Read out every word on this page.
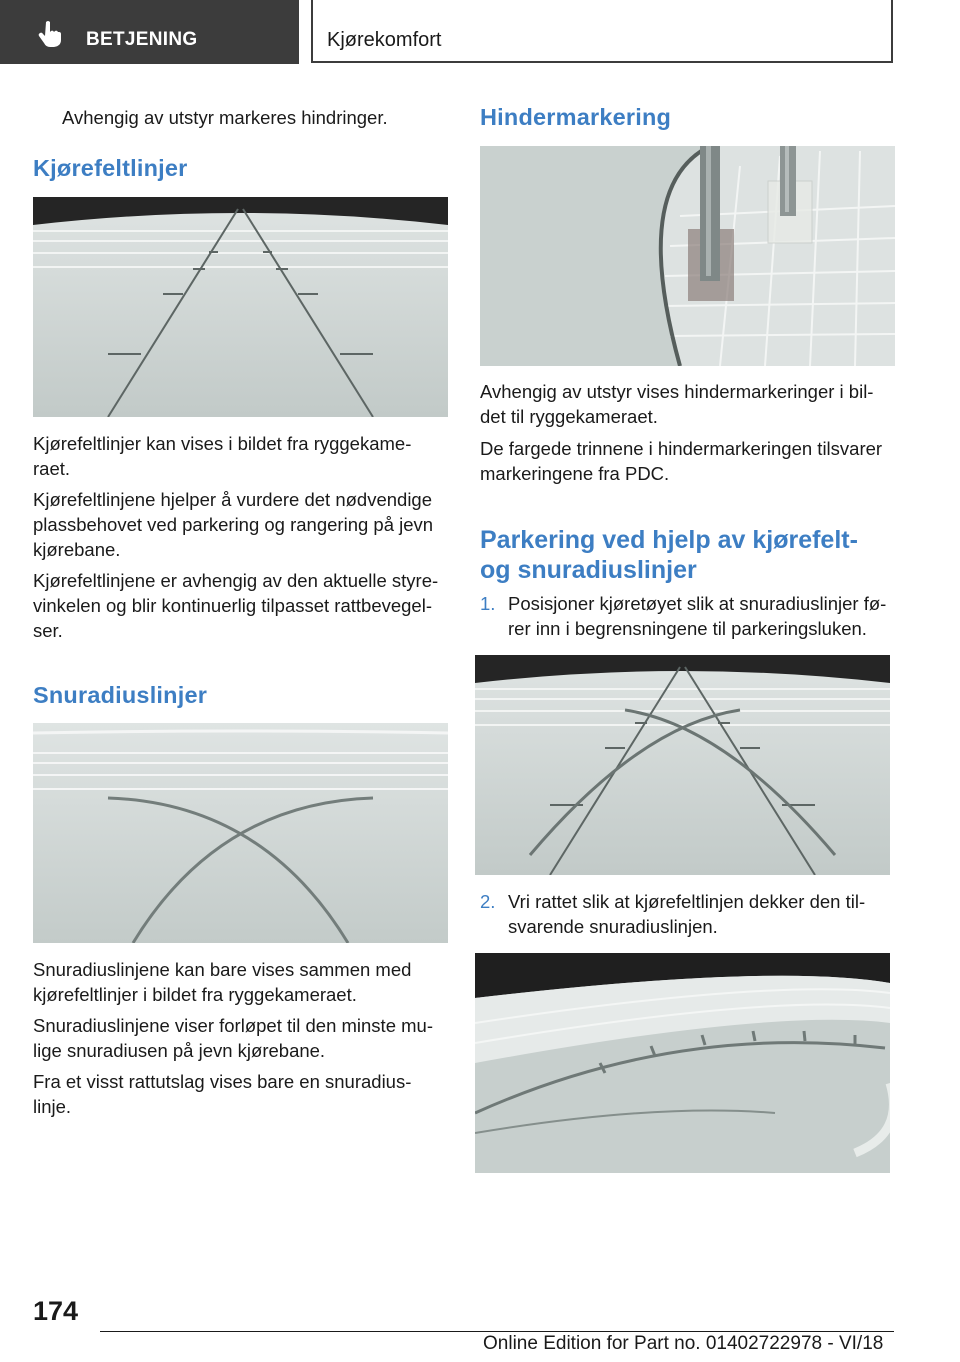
BETJENING	Kjørekomfort

Avhengig av utstyr markeres hindringer.

Kjørefeltlinjer

Kjørefeltlinjer kan vises i bildet fra ryggekame-
raet.

Kjørefeltlinjene hjelper å vurdere det nødvendige
plassbehovet ved parkering og rangering på jevn
kjørebane.

Kjørefeltlinjene er avhengig av den aktuelle styre-
vinkelen og blir kontinuerlig tilpasset rattbevegel-
ser.

Snuradiuslinjer

Snuradiuslinjene kan bare vises sammen med
kjørefeltlinjer i bildet fra ryggekameraet.

Snuradiuslinjene viser forløpet til den minste mu-
lige snuradiusen på jevn kjørebane.

Fra et visst rattutslag vises bare en snuradius-
linje.

Hindermarkering

Avhengig av utstyr vises hindermarkeringer i bil-
det til ryggekameraet.

De fargede trinnene i hindermarkeringen tilsvarer
markeringene fra PDC.

Parkering ved hjelp av kjørefelt-
og snuradiuslinjer
1. Posisjoner kjøretøyet slik at snuradiuslinjer fø-
rer inn i begrensningene til parkeringsluken.
2. Vri rattet slik at kjørefeltlinjen dekker den til-
svarende snuradiuslinjen.
174
Online Edition for Part no. 01402722978 - VI/18
